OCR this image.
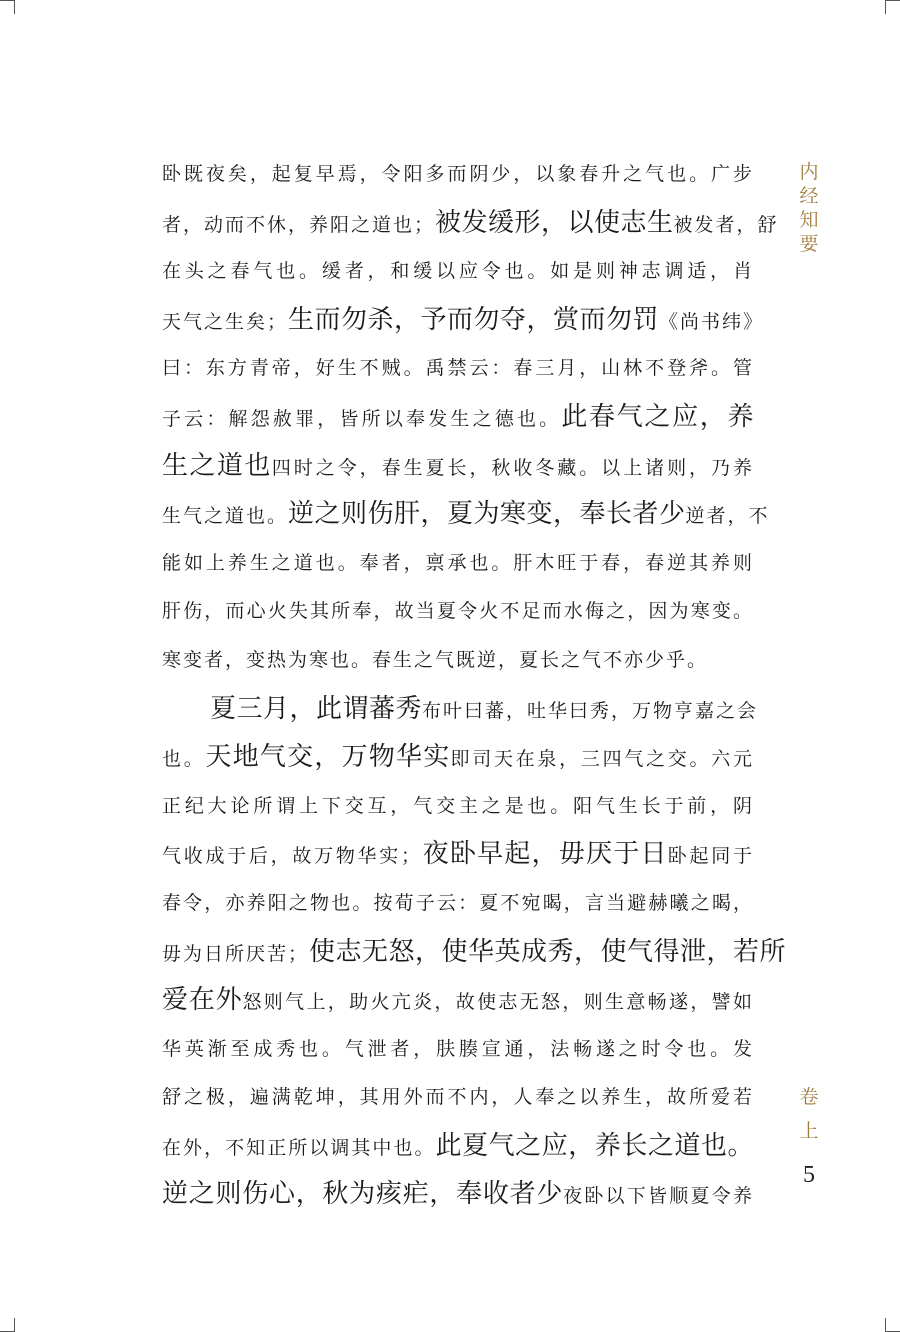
卧既夜矣，起复早焉，令阳多而阴少，以象春升之气也。广步
者，动而不休，养阳之道也；被发缓形，以使志生被发者，舒
在头之春气也。缓者，和缓以应令也。如是则神志调适，肖
天气之生矣；生而勿杀，予而勿夺，赏而勿罚《尚书纬》
曰：东方青帝，好生不贼。禹禁云：春三月，山林不登斧。管
子云：解怨赦罪，皆所以奉发生之德也。此春气之应，养
生之道也四时之令，春生夏长，秋收冬藏。以上诸则，乃养
生气之道也。逆之则伤肝，夏为寒变，奉长者少逆者，不
能如上养生之道也。奉者，禀承也。肝木旺于春，春逆其养则
肝伤，而心火失其所奉，故当夏令火不足而水侮之，因为寒变。
寒变者，变热为寒也。春生之气既逆，夏长之气不亦少乎。
夏三月，此谓蕃秀布叶曰蕃，吐华曰秀，万物亨嘉之会
也。天地气交，万物华实即司天在泉，三四气之交。六元
正纪大论所谓上下交互，气交主之是也。阳气生长于前，阴
气收成于后，故万物华实；夜卧早起，毋厌于日卧起同于
春令，亦养阳之物也。按荀子云：夏不宛暍，言当避赫曦之暍，
毋为日所厌苦；使志无怒，使华英成秀，使气得泄，若所
爱在外怒则气上，助火亢炎，故使志无怒，则生意畅遂，譬如
华英渐至成秀也。气泄者，肤腠宣通，法畅遂之时令也。发
舒之极，遍满乾坤，其用外而不内，人奉之以养生，故所爱若
在外，不知正所以调其中也。此夏气之应，养长之道也。
逆之则伤心，秋为痎疟，奉收者少夜卧以下皆顺夏令养
内
经
知
要
卷
上
5
